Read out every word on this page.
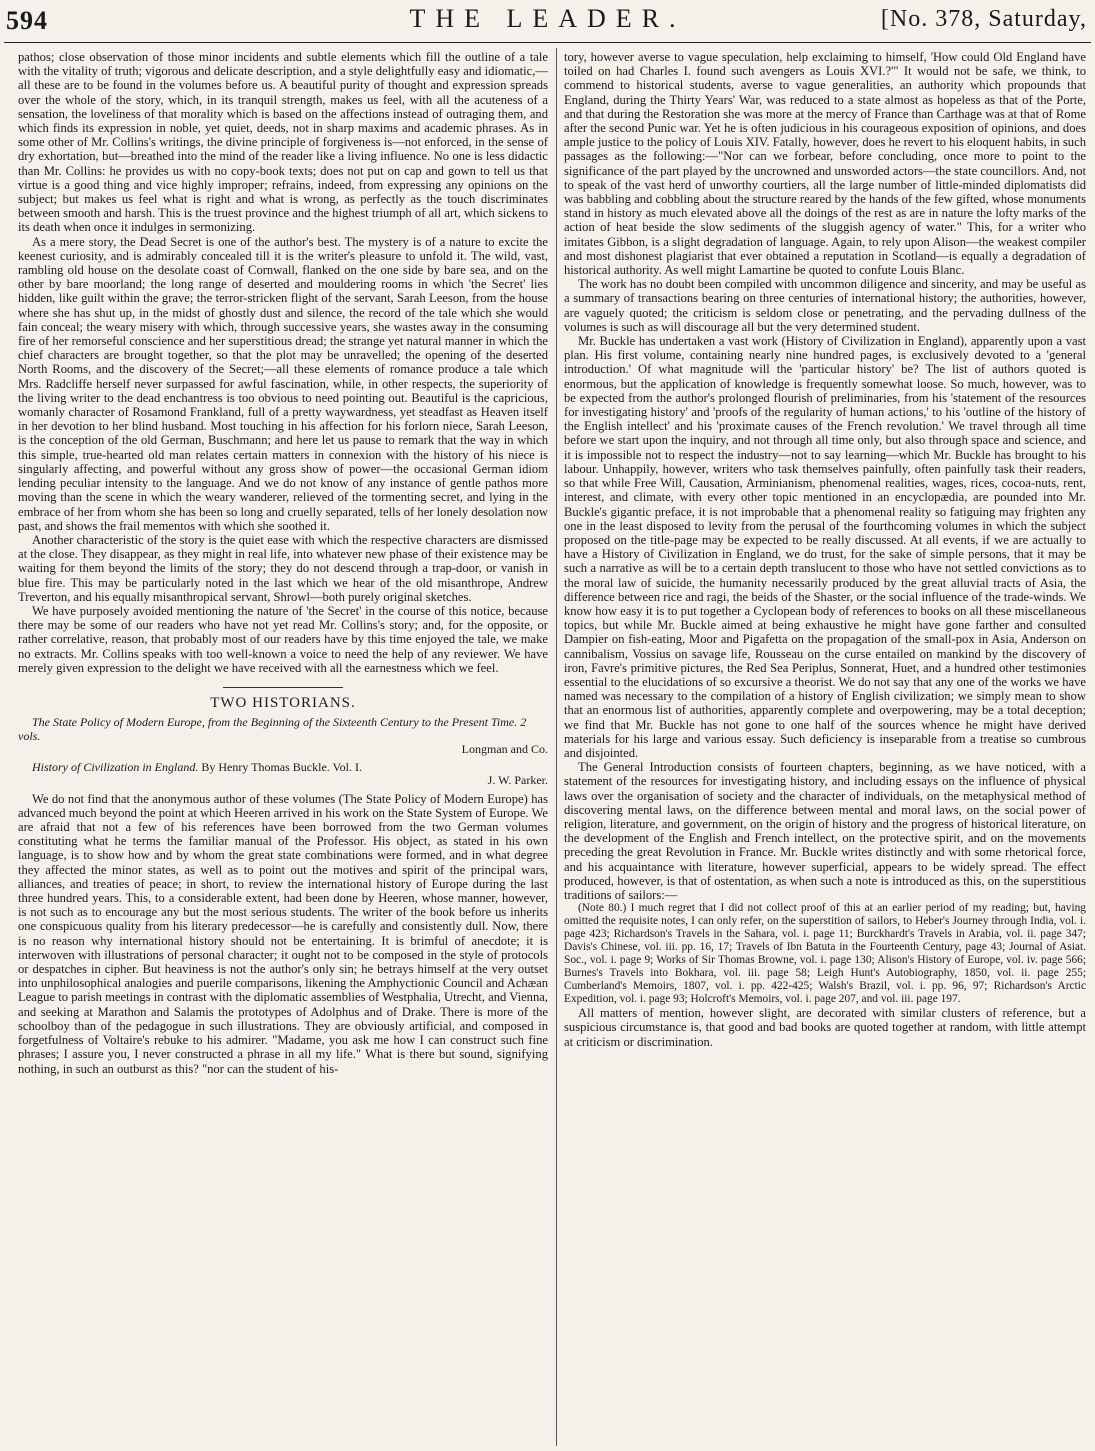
594	THE LEADER.	[No. 378, Saturday,

pathos; close observation of those minor incidents and subtle elements which fill the outline of a tale with the vitality of truth; vigorous and delicate description, and a style delightfully easy and idiomatic,—all these are to be found in the volumes before us. A beautiful purity of thought and expression spreads over the whole of the story, which, in its tranquil strength, makes us feel, with all the acuteness of a sensation, the loveliness of that morality which is based on the affections instead of outraging them, and which finds its expression in noble, yet quiet, deeds, not in sharp maxims and academic phrases. As in some other of Mr. Collins's writings, the divine principle of forgiveness is—not enforced, in the sense of dry exhortation, but—breathed into the mind of the reader like a living influence. No one is less didactic than Mr. Collins: he provides us with no copy-book texts; does not put on cap and gown to tell us that virtue is a good thing and vice highly improper; refrains, indeed, from expressing any opinions on the subject; but makes us feel what is right and what is wrong, as perfectly as the touch discriminates between smooth and harsh. This is the truest province and the highest triumph of all art, which sickens to its death when once it indulges in sermonizing.

As a mere story, the Dead Secret is one of the author's best. The mystery is of a nature to excite the keenest curiosity, and is admirably concealed till it is the writer's pleasure to unfold it. The wild, vast, rambling old house on the desolate coast of Cornwall, flanked on the one side by bare sea, and on the other by bare moorland; the long range of deserted and mouldering rooms in which 'the Secret' lies hidden, like guilt within the grave; the terror-stricken flight of the servant, Sarah Leeson, from the house where she has shut up, in the midst of ghostly dust and silence, the record of the tale which she would fain conceal; the weary misery with which, through successive years, she wastes away in the consuming fire of her remorseful conscience and her superstitious dread; the strange yet natural manner in which the chief characters are brought together, so that the plot may be unravelled; the opening of the deserted North Rooms, and the discovery of the Secret;—all these elements of romance produce a tale which Mrs. Radcliffe herself never surpassed for awful fascination, while, in other respects, the superiority of the living writer to the dead enchantress is too obvious to need pointing out. Beautiful is the capricious, womanly character of Rosamond Frankland, full of a pretty waywardness, yet steadfast as Heaven itself in her devotion to her blind husband. Most touching in his affection for his forlorn niece, Sarah Leeson, is the conception of the old German, Buschmann; and here let us pause to remark that the way in which this simple, true-hearted old man relates certain matters in connexion with the history of his niece is singularly affecting, and powerful without any gross show of power—the occasional German idiom lending peculiar intensity to the language. And we do not know of any instance of gentle pathos more moving than the scene in which the weary wanderer, relieved of the tormenting secret, and lying in the embrace of her from whom she has been so long and cruelly separated, tells of her lonely desolation now past, and shows the frail mementos with which she soothed it.

Another characteristic of the story is the quiet ease with which the respective characters are dismissed at the close. They disappear, as they might in real life, into whatever new phase of their existence may be waiting for them beyond the limits of the story; they do not descend through a trap-door, or vanish in blue fire. This may be particularly noted in the last which we hear of the old misanthrope, Andrew Treverton, and his equally misanthropical servant, Shrowl—both purely original sketches.

We have purposely avoided mentioning the nature of 'the Secret' in the course of this notice, because there may be some of our readers who have not yet read Mr. Collins's story; and, for the opposite, or rather correlative, reason, that probably most of our readers have by this time enjoyed the tale, we make no extracts. Mr. Collins speaks with too well-known a voice to need the help of any reviewer. We have merely given expression to the delight we have received with all the earnestness which we feel.

TWO HISTORIANS.

The State Policy of Modern Europe, from the Beginning of the Sixteenth Century to the Present Time. 2 vols.

Longman and Co.

History of Civilization in England. By Henry Thomas Buckle. Vol. I.

J. W. Parker.

We do not find that the anonymous author of these volumes (The State Policy of Modern Europe) has advanced much beyond the point at which Heeren arrived in his work on the State System of Europe. We are afraid that not a few of his references have been borrowed from the two German volumes constituting what he terms the familiar manual of the Professor. His object, as stated in his own language, is to show how and by whom the great state combinations were formed, and in what degree they affected the minor states, as well as to point out the motives and spirit of the principal wars, alliances, and treaties of peace; in short, to review the international history of Europe during the last three hundred years. This, to a considerable extent, had been done by Heeren, whose manner, however, is not such as to encourage any but the most serious students. The writer of the book before us inherits one conspicuous quality from his literary predecessor—he is carefully and consistently dull. Now, there is no reason why international history should not be entertaining. It is brimful of anecdote; it is interwoven with illustrations of personal character; it ought not to be composed in the style of protocols or despatches in cipher. But heaviness is not the author's only sin; he betrays himself at the very outset into unphilosophical analogies and puerile comparisons, likening the Amphyctionic Council and Achæan League to parish meetings in contrast with the diplomatic assemblies of Westphalia, Utrecht, and Vienna, and seeking at Marathon and Salamis the prototypes of Adolphus and of Drake. There is more of the schoolboy than of the pedagogue in such illustrations. They are obviously artificial, and composed in forgetfulness of Voltaire's rebuke to his admirer. "Madame, you ask me how I can construct such fine phrases; I assure you, I never constructed a phrase in all my life." What is there but sound, signifying nothing, in such an outburst as this? "nor can the student of his-

tory, however averse to vague speculation, help exclaiming to himself, 'How could Old England have toiled on had Charles I. found such avengers as Louis XVI.?'" It would not be safe, we think, to commend to historical students, averse to vague generalities, an authority which propounds that England, during the Thirty Years' War, was reduced to a state almost as hopeless as that of the Porte, and that during the Restoration she was more at the mercy of France than Carthage was at that of Rome after the second Punic war. Yet he is often judicious in his courageous exposition of opinions, and does ample justice to the policy of Louis XIV. Fatally, however, does he revert to his eloquent habits, in such passages as the following:—"Nor can we forbear, before concluding, once more to point to the significance of the part played by the uncrowned and unsworded actors—the state councillors. And, not to speak of the vast herd of unworthy courtiers, all the large number of little-minded diplomatists did was babbling and cobbling about the structure reared by the hands of the few gifted, whose monuments stand in history as much elevated above all the doings of the rest as are in nature the lofty marks of the action of heat beside the slow sediments of the sluggish agency of water." This, for a writer who imitates Gibbon, is a slight degradation of language. Again, to rely upon Alison—the weakest compiler and most dishonest plagiarist that ever obtained a reputation in Scotland—is equally a degradation of historical authority. As well might Lamartine be quoted to confute Louis Blanc.

The work has no doubt been compiled with uncommon diligence and sincerity, and may be useful as a summary of transactions bearing on three centuries of international history; the authorities, however, are vaguely quoted; the criticism is seldom close or penetrating, and the pervading dullness of the volumes is such as will discourage all but the very determined student.

Mr. Buckle has undertaken a vast work (History of Civilization in England), apparently upon a vast plan. His first volume, containing nearly nine hundred pages, is exclusively devoted to a 'general introduction.' Of what magnitude will the 'particular history' be? The list of authors quoted is enormous, but the application of knowledge is frequently somewhat loose. So much, however, was to be expected from the author's prolonged flourish of preliminaries, from his 'statement of the resources for investigating history' and 'proofs of the regularity of human actions,' to his 'outline of the history of the English intellect' and his 'proximate causes of the French revolution.' We travel through all time before we start upon the inquiry, and not through all time only, but also through space and science, and it is impossible not to respect the industry—not to say learning—which Mr. Buckle has brought to his labour. Unhappily, however, writers who task themselves painfully, often painfully task their readers, so that while Free Will, Causation, Arminianism, phenomenal realities, wages, rices, cocoa-nuts, rent, interest, and climate, with every other topic mentioned in an encyclopædia, are pounded into Mr. Buckle's gigantic preface, it is not improbable that a phenomenal reality so fatiguing may frighten any one in the least disposed to levity from the perusal of the fourthcoming volumes in which the subject proposed on the title-page may be expected to be really discussed. At all events, if we are actually to have a History of Civilization in England, we do trust, for the sake of simple persons, that it may be such a narrative as will be to a certain depth translucent to those who have not settled convictions as to the moral law of suicide, the humanity necessarily produced by the great alluvial tracts of Asia, the difference between rice and ragi, the beids of the Shaster, or the social influence of the trade-winds. We know how easy it is to put together a Cyclopean body of references to books on all these miscellaneous topics, but while Mr. Buckle aimed at being exhaustive he might have gone farther and consulted Dampier on fish-eating, Moor and Pigafetta on the propagation of the small-pox in Asia, Anderson on cannibalism, Vossius on savage life, Rousseau on the curse entailed on mankind by the discovery of iron, Favre's primitive pictures, the Red Sea Periplus, Sonnerat, Huet, and a hundred other testimonies essential to the elucidations of so excursive a theorist. We do not say that any one of the works we have named was necessary to the compilation of a history of English civilization; we simply mean to show that an enormous list of authorities, apparently complete and overpowering, may be a total deception; we find that Mr. Buckle has not gone to one half of the sources whence he might have derived materials for his large and various essay. Such deficiency is inseparable from a treatise so cumbrous and disjointed.

The General Introduction consists of fourteen chapters, beginning, as we have noticed, with a statement of the resources for investigating history, and including essays on the influence of physical laws over the organisation of society and the character of individuals, on the metaphysical method of discovering mental laws, on the difference between mental and moral laws, on the social power of religion, literature, and government, on the origin of history and the progress of historical literature, on the development of the English and French intellect, on the protective spirit, and on the movements preceding the great Revolution in France. Mr. Buckle writes distinctly and with some rhetorical force, and his acquaintance with literature, however superficial, appears to be widely spread. The effect produced, however, is that of ostentation, as when such a note is introduced as this, on the superstitious traditions of sailors:—

(Note 80.) I much regret that I did not collect proof of this at an earlier period of my reading; but, having omitted the requisite notes, I can only refer, on the superstition of sailors, to Heber's Journey through India, vol. i. page 423; Richardson's Travels in the Sahara, vol. i. page 11; Burckhardt's Travels in Arabia, vol. ii. page 347; Davis's Chinese, vol. iii. pp. 16, 17; Travels of Ibn Batuta in the Fourteenth Century, page 43; Journal of Asiat. Soc., vol. i. page 9; Works of Sir Thomas Browne, vol. i. page 130; Alison's History of Europe, vol. iv. page 566; Burnes's Travels into Bokhara, vol. iii. page 58; Leigh Hunt's Autobiography, 1850, vol. ii. page 255; Cumberland's Memoirs, 1807, vol. i. pp. 422-425; Walsh's Brazil, vol. i. pp. 96, 97; Richardson's Arctic Expedition, vol. i. page 93; Holcroft's Memoirs, vol. i. page 207, and vol. iii. page 197.

All matters of mention, however slight, are decorated with similar clusters of reference, but a suspicious circumstance is, that good and bad books are quoted together at random, with little attempt at criticism or discrimination.
